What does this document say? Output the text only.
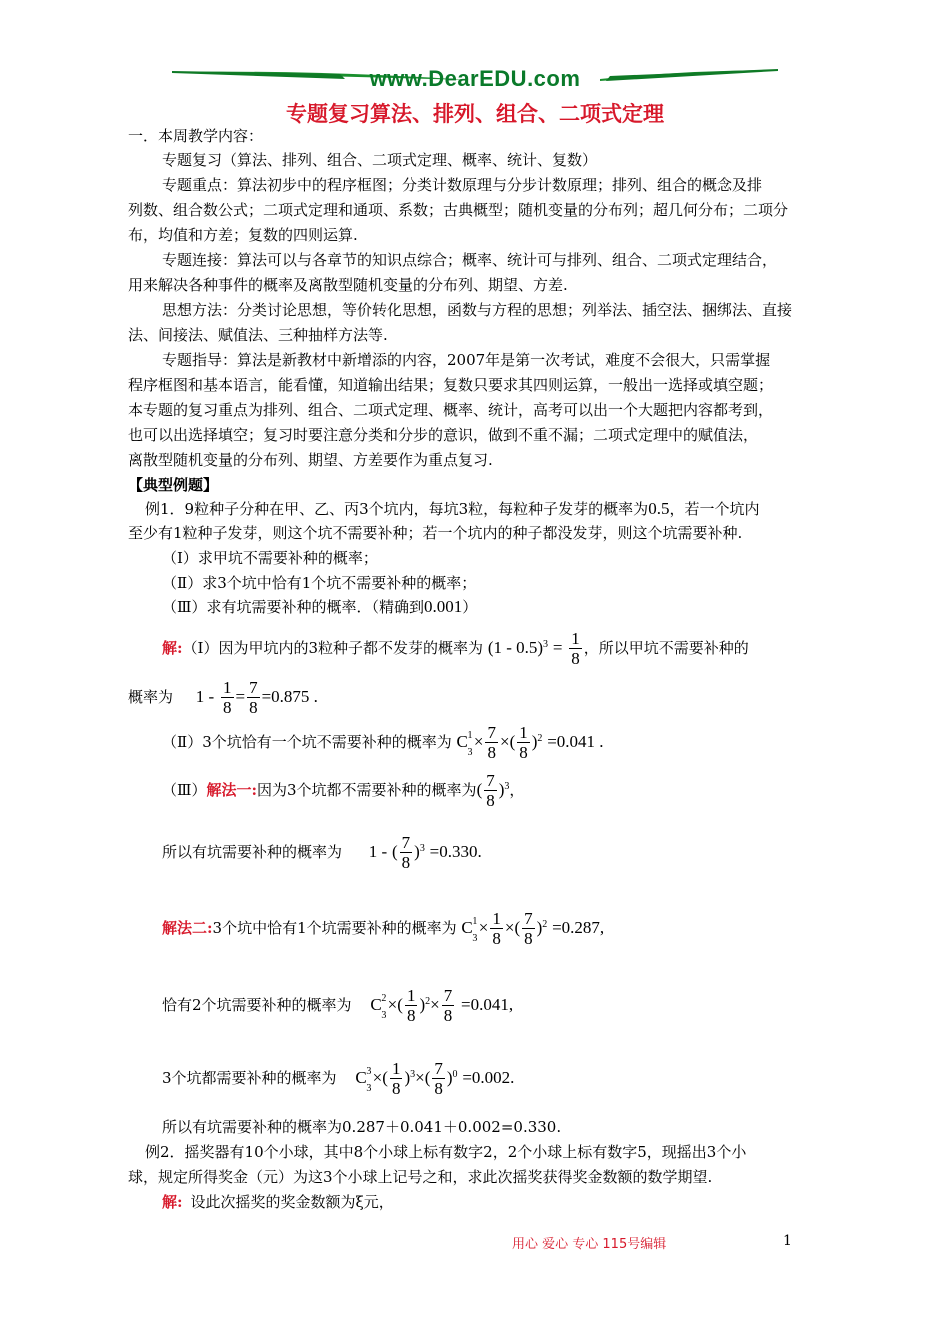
www.DearEDU.com
专题复习算法、排列、组合、二项式定理
一．本周教学内容：
专题复习（算法、排列、组合、二项式定理、概率、统计、复数）
专题重点：算法初步中的程序框图；分类计数原理与分步计数原理；排列、组合的概念及排
列数、组合数公式；二项式定理和通项、系数；古典概型；随机变量的分布列；超几何分布；二项分
布，均值和方差；复数的四则运算.
专题连接：算法可以与各章节的知识点综合；概率、统计可与排列、组合、二项式定理结合，
用来解决各种事件的概率及离散型随机变量的分布列、期望、方差.
思想方法：分类讨论思想，等价转化思想，函数与方程的思想；列举法、插空法、捆绑法、直接
法、间接法、赋值法、三种抽样方法等.
专题指导：算法是新教材中新增添的内容，2007年是第一次考试，难度不会很大，只需掌握
程序框图和基本语言，能看懂，知道输出结果；复数只要求其四则运算，一般出一选择或填空题；
本专题的复习重点为排列、组合、二项式定理、概率、统计，高考可以出一个大题把内容都考到，
也可以出选择填空；复习时要注意分类和分步的意识，做到不重不漏；二项式定理中的赋值法，
离散型随机变量的分布列、期望、方差要作为重点复习.
【典型例题】
例1．9粒种子分种在甲、乙、丙3个坑内，每坑3粒，每粒种子发芽的概率为0.5，若一个坑内
至少有1粒种子发芽，则这个坑不需要补种；若一个坑内的种子都没发芽，则这个坑需要补种.
（Ⅰ）求甲坑不需要补种的概率；
（Ⅱ）求3个坑中恰有1个坑不需要补种的概率；
（Ⅲ）求有坑需要补种的概率．（精确到0.001）
解:（Ⅰ）因为甲坑内的3粒种子都不发芽的概率为 $(1 - 0.5)^3 = \frac{1}{8}$ ，所以甲坑不需要补种的
概率为 $1 - \frac{1}{8} = \frac{7}{8} =0.875$ .
（Ⅱ）3个坑恰有一个坑不需要补种的概率为 C 1
3
× $\frac{7}{8}$ ×( $\frac{1}{8} )^2 =0.041$ .
（Ⅲ）解法一:因为3个坑都不需要补种的概率为( $\frac{7}{8} )^3$，
所以有坑需要补种的概率为 1 - ( $\frac{7}{8} )^3 =0.330$.
解法二:3个坑中恰有1个坑需要补种的概率为 C 1
3
× $\frac{1}{8}$ ×( $\frac{7}{8} )^2 =0.287$,
恰有2个坑需要补种的概率为 C 2
3
×( $\frac{1}{8} )^2\times \frac{7}{8} =0.041$,
3个坑都需要补种的概率为 C 3
3
×( $\frac{1}{8} )^3\times( \frac{7}{8} )^0 =0.002$.
所以有坑需要补种的概率为0.287＋0.041＋0.002=0.330.
例2．摇奖器有10个小球，其中8个小球上标有数字2，2个小球上标有数字5，现摇出3个小
球，规定所得奖金（元）为这3个小球上记号之和，求此次摇奖获得奖金数额的数学期望.
解: 设此次摇奖的奖金数额为ξ元，
用心 爱心 专心 115号编辑	1
